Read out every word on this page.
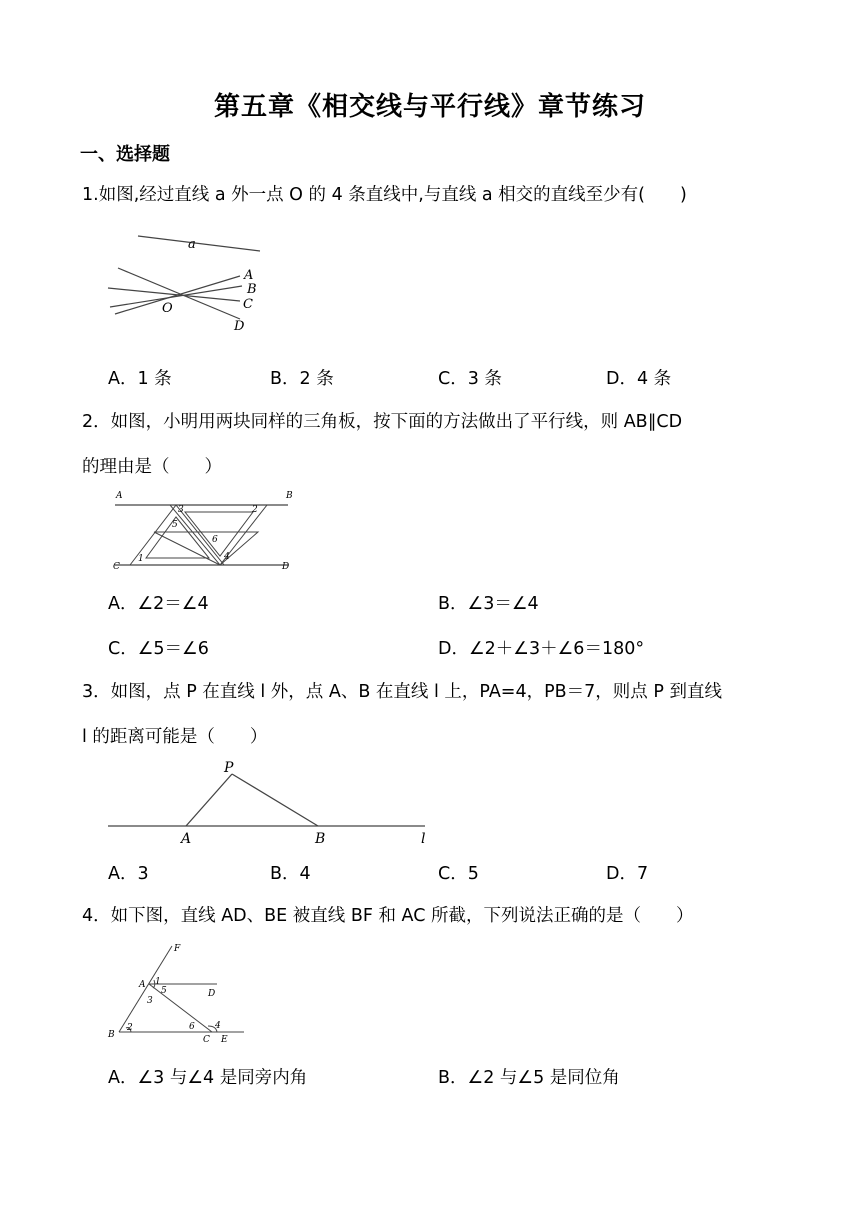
第五章《相交线与平行线》章节练习
一、选择题
1.如图,经过直线 a 外一点 O 的 4 条直线中,与直线 a 相交的直线至少有(　　)
a
O
A
B
C
D
A．1 条	B．2 条	C．3 条	D．4 条
2．如图，小明用两块同样的三角板，按下面的方法做出了平行线，则 AB∥CD
的理由是（　　）
A	B
C	D
1
2
3
4
5
6
A．∠2＝∠4	B．∠3＝∠4
C．∠5＝∠6	D．∠2＋∠3＋∠6＝180°
3．如图，点 P 在直线 l 外，点 A、B 在直线 l 上，PA=4，PB＝7，则点 P 到直线
l 的距离可能是（　　）
P
A	B	l
A．3	B．4	C．5	D．7
4．如下图，直线 AD、BE 被直线 BF 和 AC 所截，下列说法正确的是（　　）
F
A
D
B	C E
1
2
3
4
5
6
A．∠3 与∠4 是同旁内角	B．∠2 与∠5 是同位角
